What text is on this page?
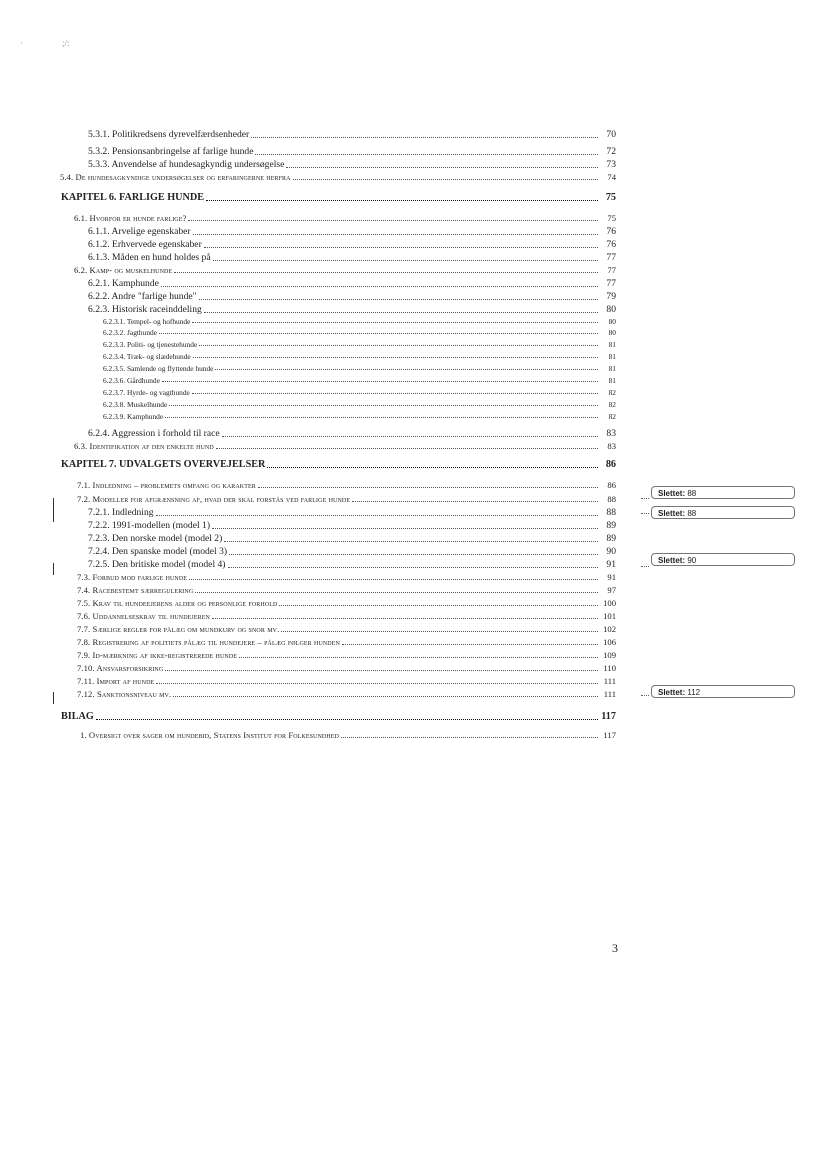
·	;/:
5.3.1. Politikredsens dyrevelfærdsenheder	70
5.3.2. Pensionsanbringelse af farlige hunde	72
5.3.3. Anvendelse af hundesagkyndig undersøgelse	73
5.4. De hundesagkyndige undersøgelser og erfaringerne herfra	74
KAPITEL 6. FARLIGE HUNDE	75
6.1. Hvorfor er hunde farlige?	75
6.1.1. Arvelige egenskaber	76
6.1.2. Erhvervede egenskaber	76
6.1.3. Måden en hund holdes på	77
6.2. Kamp- og muskelhunde	77
6.2.1. Kamphunde	77
6.2.2. Andre "farlige hunde"	79
6.2.3. Historisk raceinddeling	80
6.2.3.1. Tempel- og hofhunde	80
6.2.3.2. Jagthunde	80
6.2.3.3. Politi- og tjenestehunde	81
6.2.3.4. Træk- og slædehunde	81
6.2.3.5. Samlende og flyttende hunde	81
6.2.3.6. Gårdhunde	81
6.2.3.7. Hyrde- og vagthunde	82
6.2.3.8. Muskelhunde	82
6.2.3.9. Kamphunde	82
6.2.4. Aggression i forhold til race	83
6.3. Identifikation af den enkelte hund	83
KAPITEL 7. UDVALGETS OVERVEJELSER	86
7.1. Indledning – problemets omfang og karakter	86
7.2. Modeller for afgrænsning af, hvad der skal forstås ved farlige hunde	88
7.2.1. Indledning	88
7.2.2. 1991-modellen (model 1)	89
7.2.3. Den norske model (model 2)	89
7.2.4. Den spanske model (model 3)	90
7.2.5. Den britiske model (model 4)	91
7.3. Forbud mod farlige hunde	91
7.4. Racebestemt særregulering	97
7.5. Krav til hundeejerens alder og personlige forhold	100
7.6. Uddannelseskrav til hundejeren	101
7.7. Særlige regler for pålæg om mundkurv og snor mv.	102
7.8. Registrering af politiets pålæg til hundejere – pålæg følger hunden	106
7.9. Id-mærkning af ikke-registrerede hunde	109
7.10. Ansvarsforsikring	110
7.11. Import af hunde	111
7.12. Sanktionsniveau mv.	111
BILAG	117
1. Oversigt over sager om hundebid, Statens Institut for Folkesundhed	117
Slettet: 88
Slettet: 88
Slettet: 90
Slettet: 112
3
